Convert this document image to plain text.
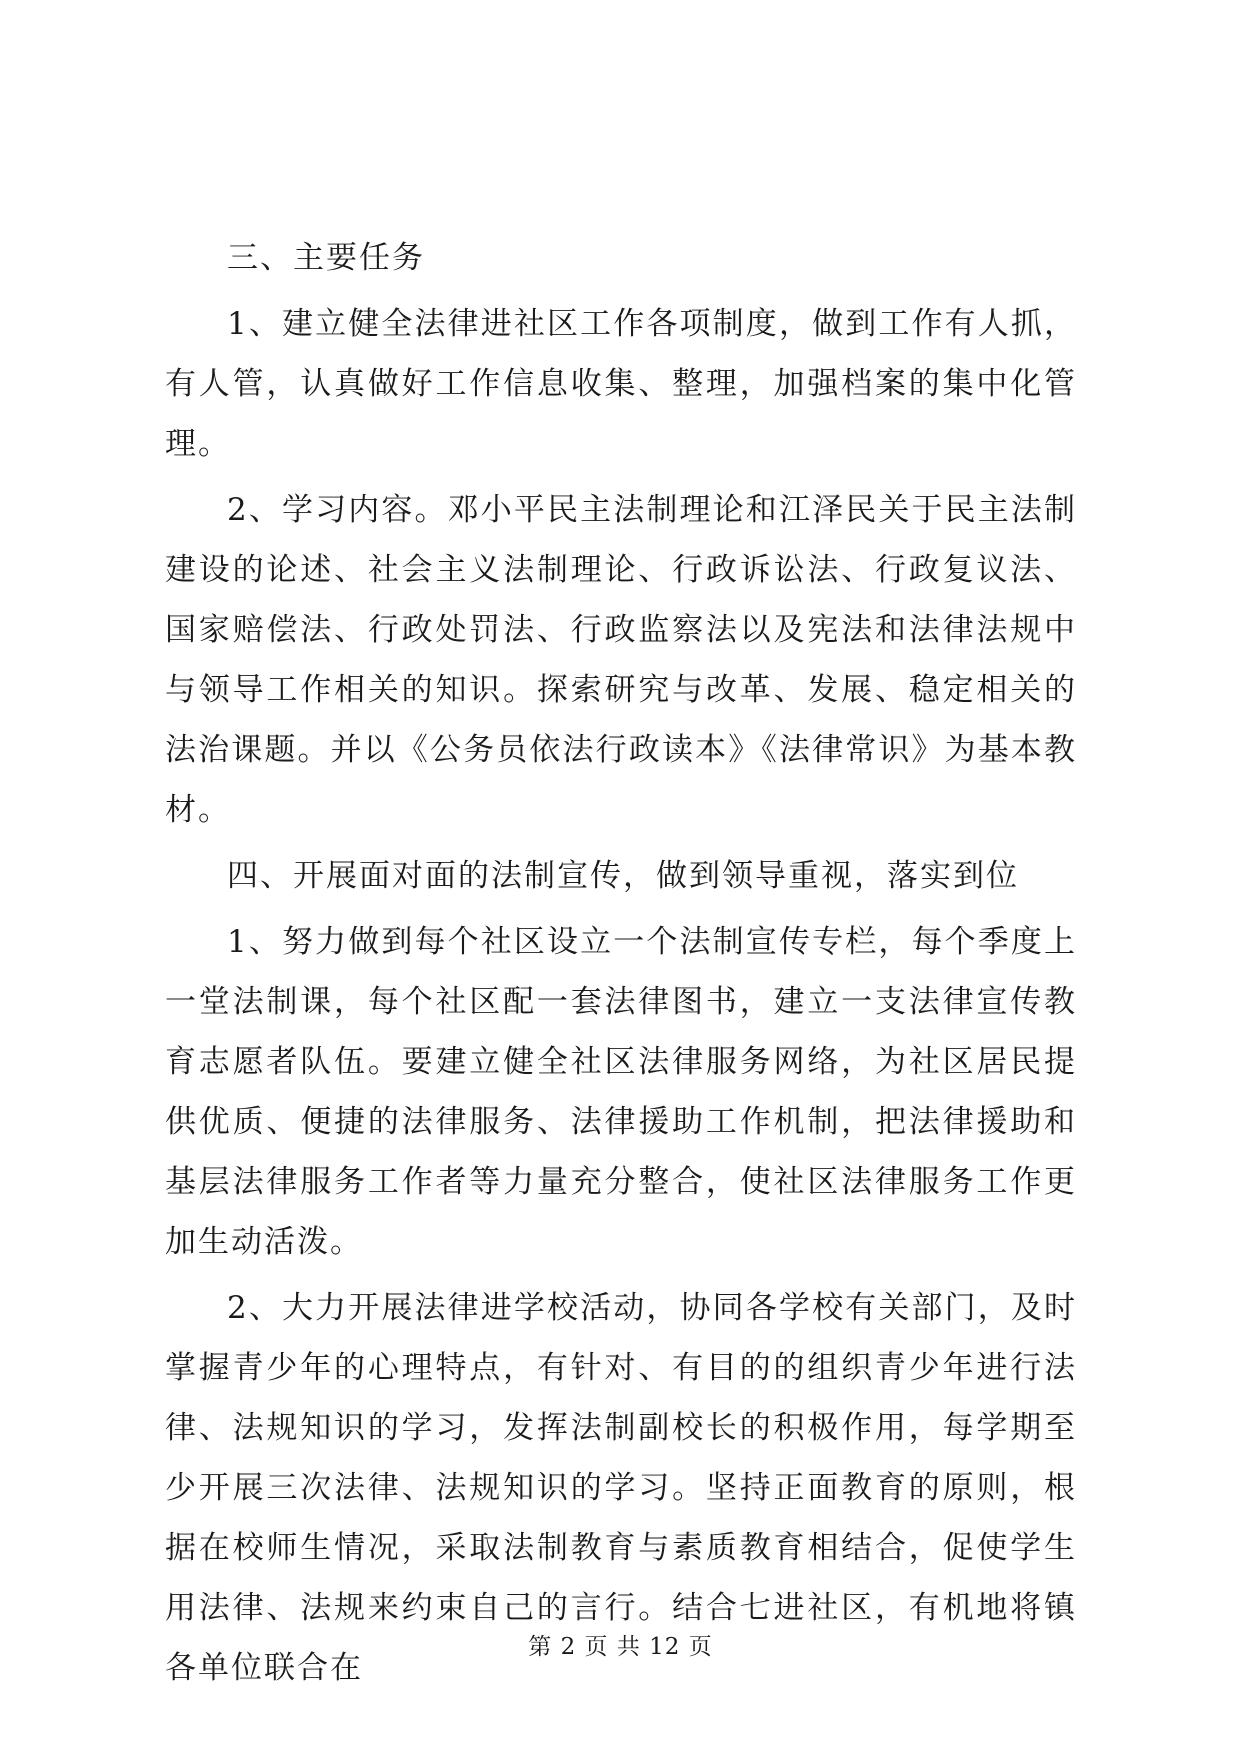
三、主要任务

1、建立健全法律进社区工作各项制度，做到工作有人抓，有人管，认真做好工作信息收集、整理，加强档案的集中化管理。

2、学习内容。邓小平民主法制理论和江泽民关于民主法制建设的论述、社会主义法制理论、行政诉讼法、行政复议法、国家赔偿法、行政处罚法、行政监察法以及宪法和法律法规中与领导工作相关的知识。探索研究与改革、发展、稳定相关的法治课题。并以《公务员依法行政读本》《法律常识》为基本教材。

四、开展面对面的法制宣传，做到领导重视，落实到位

1、努力做到每个社区设立一个法制宣传专栏，每个季度上一堂法制课，每个社区配一套法律图书，建立一支法律宣传教育志愿者队伍。要建立健全社区法律服务网络，为社区居民提供优质、便捷的法律服务、法律援助工作机制，把法律援助和基层法律服务工作者等力量充分整合，使社区法律服务工作更加生动活泼。

2、大力开展法律进学校活动，协同各学校有关部门，及时掌握青少年的心理特点，有针对、有目的的组织青少年进行法律、法规知识的学习，发挥法制副校长的积极作用，每学期至少开展三次法律、法规知识的学习。坚持正面教育的原则，根据在校师生情况，采取法制教育与素质教育相结合，促使学生用法律、法规来约束自己的言行。结合七进社区，有机地将镇各单位联合在

第 2 页 共 12 页
